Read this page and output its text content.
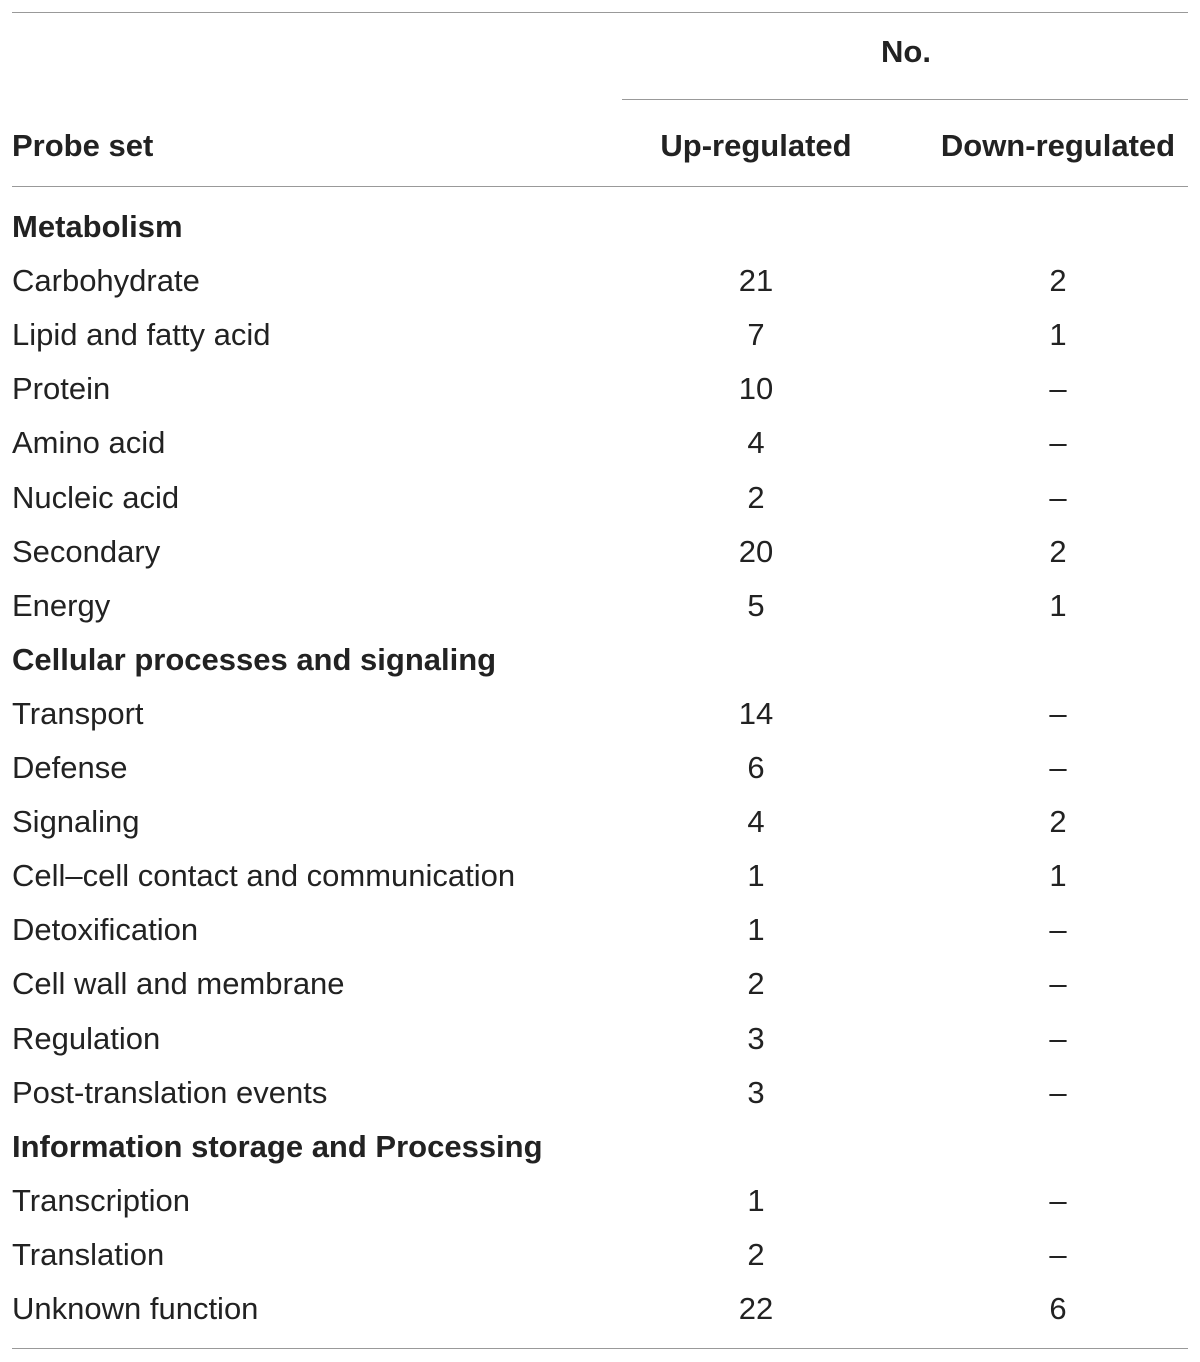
No.
Probe set	Up-regulated	Down-regulated
Metabolism
Carbohydrate	21	2
Lipid and fatty acid	7	1
Protein	10	–
Amino acid	4	–
Nucleic acid	2	–
Secondary	20	2
Energy	5	1
Cellular processes and signaling
Transport	14	–
Defense	6	–
Signaling	4	2
Cell–cell contact and communication	1	1
Detoxification	1	–
Cell wall and membrane	2	–
Regulation	3	–
Post-translation events	3	–
Information storage and Processing
Transcription	1	–
Translation	2	–
Unknown function	22	6
